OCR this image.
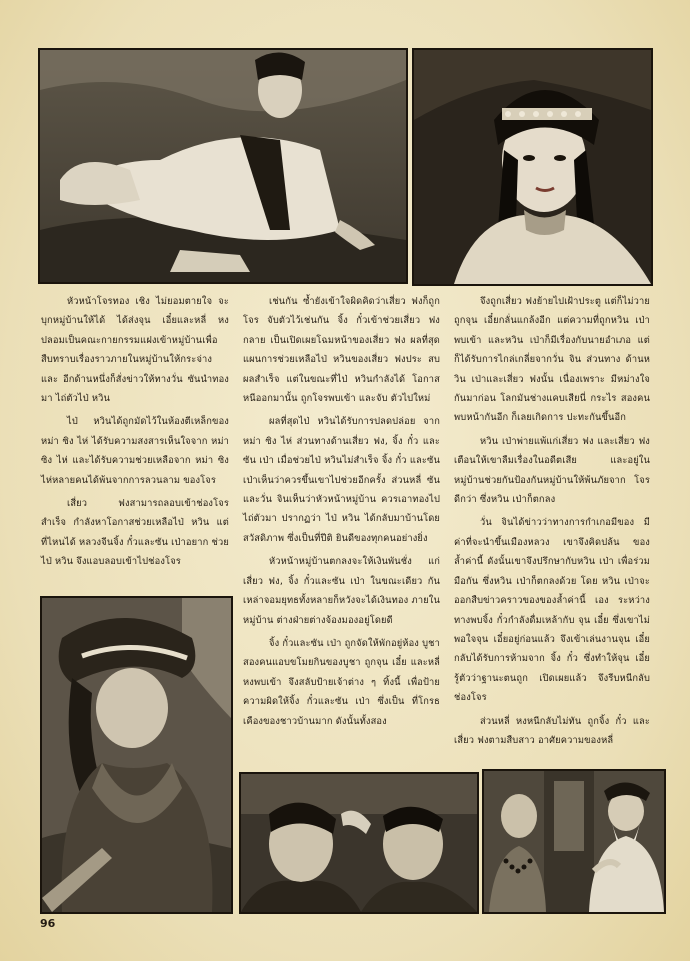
หัวหน้าโจรทอง เชิง ไม่ยอมตายใจ จะบุกหมู่บ้านให้ได้ ได้ส่งจุน เอี๋ยและหลี่ หง ปลอมเป็นคณะกายกรรมแฝงเข้าหมู่บ้านเพื่อ สืบทราบเรื่องราวภายในหมู่บ้านให้กระจ่าง และ อีกด้านหนึ่งก็สั่งข่าวให้ทางวั่น ซันนำทองมา ไถ่ตัวไป่ หวิน

ไป่ หวินได้ถูกมัดไว้ในห้องตีเหล็กของ หม่า ซิง ไห่ ได้รับความสงสารเห็นใจจาก หม่า ซิง ไห่ และได้รับความช่วยเหลือจาก หม่า ซิง ไห่หลายคนได้พ้นจากการลวนลาม ของโจร

เสี่ยว ฟงสามารถลอบเข้าช่องโจร สำเร็จ กำลังหาโอกาสช่วยเหลือไป่ หวิน แต่ ที่ไหนได้ หลวงจีนจิ้ง กั๋วและซัน เป่าอยาก ช่วยไป่ หวิน จึงแอบลอบเข้าไปช่องโจร

เช่นกัน ซ้ำยังเข้าใจผิดคิดว่าเสี่ยว ฟงก็ถูกโจร จับตัวไว้เช่นกัน จิ้ง กั๋วเข้าช่วยเสี่ยว ฟง กลาย เป็นเปิดเผยโฉมหน้าของเสี่ยว ฟง ผลที่สุด แผนการช่วยเหลือไป่ หวินของเสี่ยว ฟงประ สบผลสำเร็จ แต่ในขณะที่ไป่ หวินกำลังได้ โอกาสหนีออกมานั้น ถูกโจรพบเข้า และจับ ตัวไปใหม่

ผลที่สุดไป่ หวินได้รับการปลดปล่อย จากหม่า ซิง ไห่ ส่วนทางด้านเสี่ยว ฟง, จิ้ง กั๋ว และซัน เป่า เมื่อช่วยไป่ หวินไม่สำเร็จ จิ้ง กั๋ว และซัน เป่าเห็นว่าควรขึ้นเขาไปช่วยอีกครั้ง ส่วนหลี่ ซันและวั่น จินเห็นว่าหัวหน้าหมู่บ้าน ควรเอาทองไปไถ่ตัวมา ปรากฏว่า ไป่ หวิน ได้กลับมาบ้านโดยสวัสดิภาพ ซึ่งเป็นที่ปีติ ยินดีของทุกคนอย่างยิ่ง

หัวหน้าหมู่บ้านตกลงจะให้เงินพันชั่ง แก่เสี่ยว ฟง, จิ้ง กั๋วและซัน เป่า ในขณะเดียว กันเหล่าจอมยุทธทั้งหลายก็หวังจะได้เงินทอง ภายในหมู่บ้าน ต่างฝ่ายต่างจ้องมองอยู่โดยดี

จิ้ง กั๋วและซัน เป่า ถูกจัดให้พักอยู่ห้อง บูชา สองคนแอบขโมยกินของบูชา ถูกจุน เอี๋ย และหลี่ หงพบเข้า จึงสลับป้ายเจ้าต่าง ๆ ทิ้งนี้ เพื่อป้ายความผิดให้จิ้ง กั๋วและซัน เป่า ซึ่งเป็น ที่โกรธเคืองของชาวบ้านมาก ดังนั้นทั้งสอง

จึงถูกเสี่ยว ฟงย้ายไปเฝ้าประตู แต่ก็ไม่วาย ถูกจุน เอี๋ยกลั่นแกล้งอีก แต่ความที่ถูกหวิน เป่า พบเข้า และหวิน เป่าก็มีเรื่องกับนายอำเภอ แต่ก็ได้รับการไกล่เกลี่ยจากวั่น จิน ส่วนทาง ด้านหวิน เป่าและเสี่ยว ฟงนั้น เนื่องเพราะ มีหม่างใจกันมาก่อน โลกมันช่างแคบเสียนี่ กระไร สองคนพบหน้ากันอีก ก็เลยเกิดการ ปะทะกันขึ้นอีก

หวิน เป่าพ่ายแพ้แก่เสี่ยว ฟง และเสี่ยว ฟงเตือนให้เขาลืมเรื่องในอดีตเสีย และอยู่ใน หมู่บ้านช่วยกันป้องกันหมู่บ้านให้พ้นภัยจาก โจรดีกว่า ซึ่งหวิน เป่าก็ตกลง

วั่น จินได้ข่าวว่าทางการกำเกอมีของ มีค่าที่จะนำขึ้นเมืองหลวง เขาจึงคิดปล้น ของล้ำค่านี้ ดังนั้นเขาจึงปรึกษากับหวิน เป่า เพื่อร่วมมือกัน ซึ่งหวิน เป่าก็ตกลงด้วย โดย หวิน เป่าจะออกสืบข่าวคราวของของล้ำค่านี้ เอง ระหว่างทางพบจิ้ง กั๋วกำลังดื่มเหล้ากับ จุน เอี๋ย ซึ่งเขาไม่พอใจจุน เอี๋ยอยู่ก่อนแล้ว จึงเข้าเล่นงานจุน เอี๋ย กลับได้รับการห้ามจาก จิ้ง กั๋ว ซึ่งทำให้จุน เอี๋ยรู้ตัวว่าฐานะตนถูก เปิดเผยแล้ว จึงรีบหนีกลับช่องโจร

ส่วนหลี่ หงหนีกลับไม่ทัน ถูกจิ้ง กั๋ว และเสี่ยว ฟงตามสืบสาว อาศัยความของหลี่

96
